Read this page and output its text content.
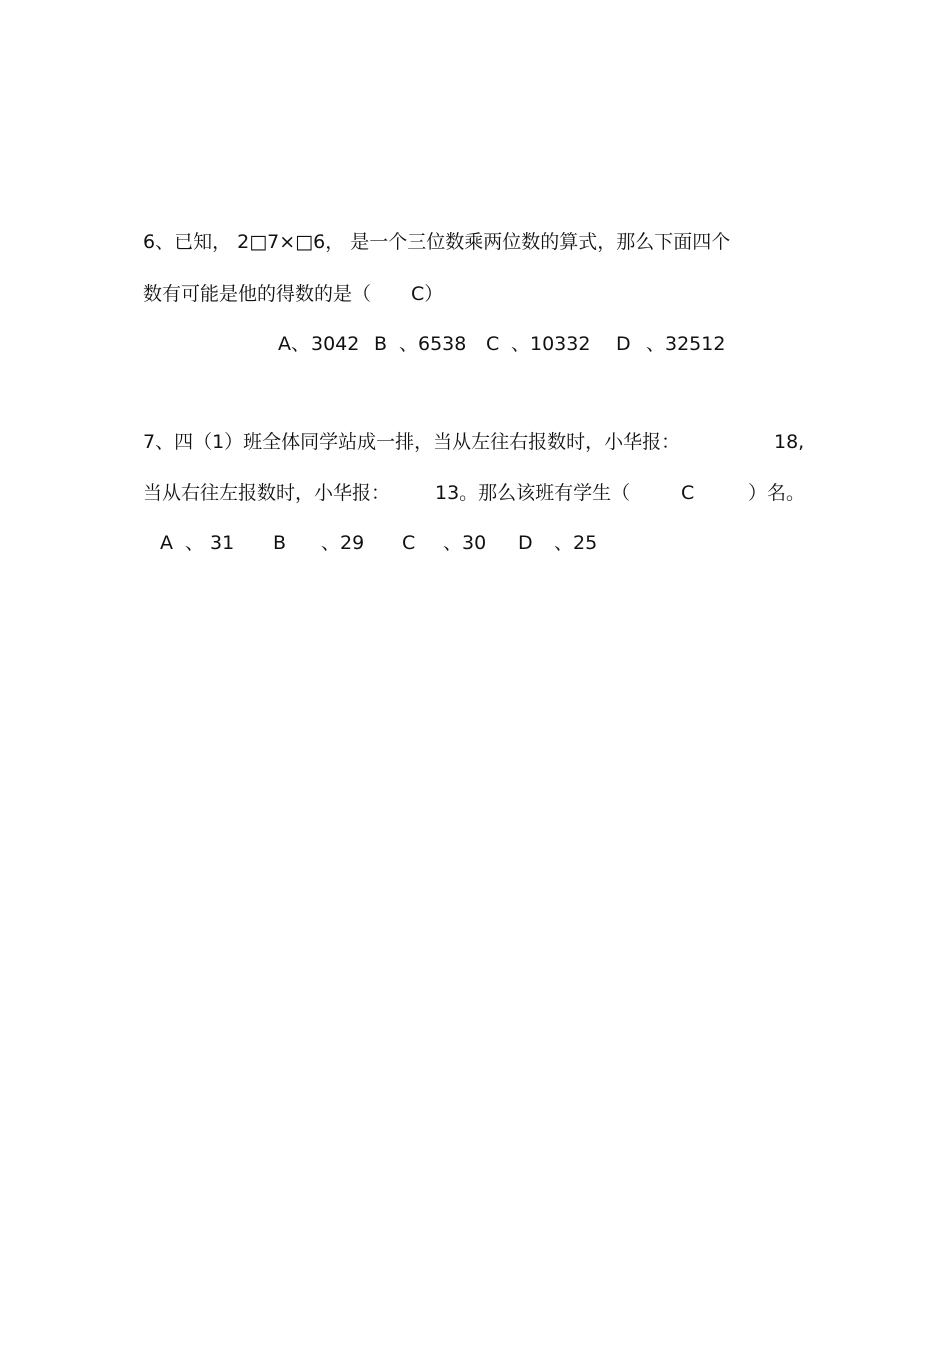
6、已知， 2□7×□6， 是一个三位数乘两位数的算式，那么下面四个
数有可能是他的得数的是（ C）
A、 3042 B 、6538 C 、10332 D 、32512
7、四（1）班全体同学站成一排，当从左往右报数时，小华报：	18,
当从右往左报数时，小华报： 13。那么该班有学生（	C	）名。
A 、 31 B 、29 C 、30 D 、25
